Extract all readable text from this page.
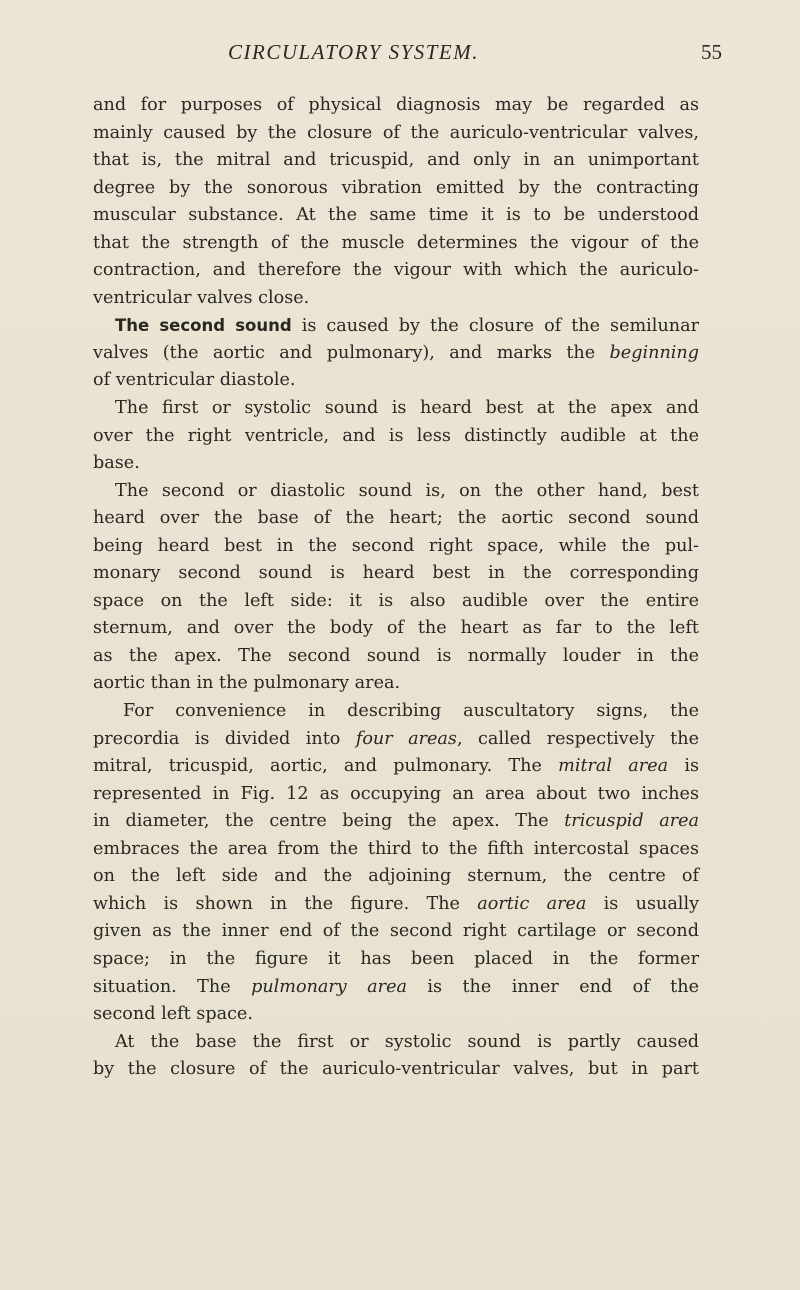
CIRCULATORY SYSTEM.	55
and for purposes of physical diagnosis may be regarded as
mainly caused by the closure of the auriculo-ventricular valves,
that is, the mitral and tricuspid, and only in an unimportant
degree by the sonorous vibration emitted by the contracting
muscular substance. At the same time it is to be understood
that the strength of the muscle determines the vigour of the
contraction, and therefore the vigour with which the auriculo-
ventricular valves close.
The second sound is caused by the closure of the semilunar
valves (the aortic and pulmonary), and marks the beginning
of ventricular diastole.
The first or systolic sound is heard best at the apex and
over the right ventricle, and is less distinctly audible at the
base.
The second or diastolic sound is, on the other hand, best
heard over the base of the heart; the aortic second sound
being heard best in the second right space, while the pul-
monary second sound is heard best in the corresponding
space on the left side: it is also audible over the entire
sternum, and over the body of the heart as far to the left
as the apex. The second sound is normally louder in the
aortic than in the pulmonary area.
For convenience in describing auscultatory signs, the
precordia is divided into four areas, called respectively the
mitral, tricuspid, aortic, and pulmonary. The mitral area is
represented in Fig. 12 as occupying an area about two inches
in diameter, the centre being the apex. The tricuspid area
embraces the area from the third to the fifth intercostal spaces
on the left side and the adjoining sternum, the centre of
which is shown in the figure. The aortic area is usually
given as the inner end of the second right cartilage or second
space; in the figure it has been placed in the former
situation. The pulmonary area is the inner end of the
second left space.
At the base the first or systolic sound is partly caused
by the closure of the auriculo-ventricular valves, but in part
